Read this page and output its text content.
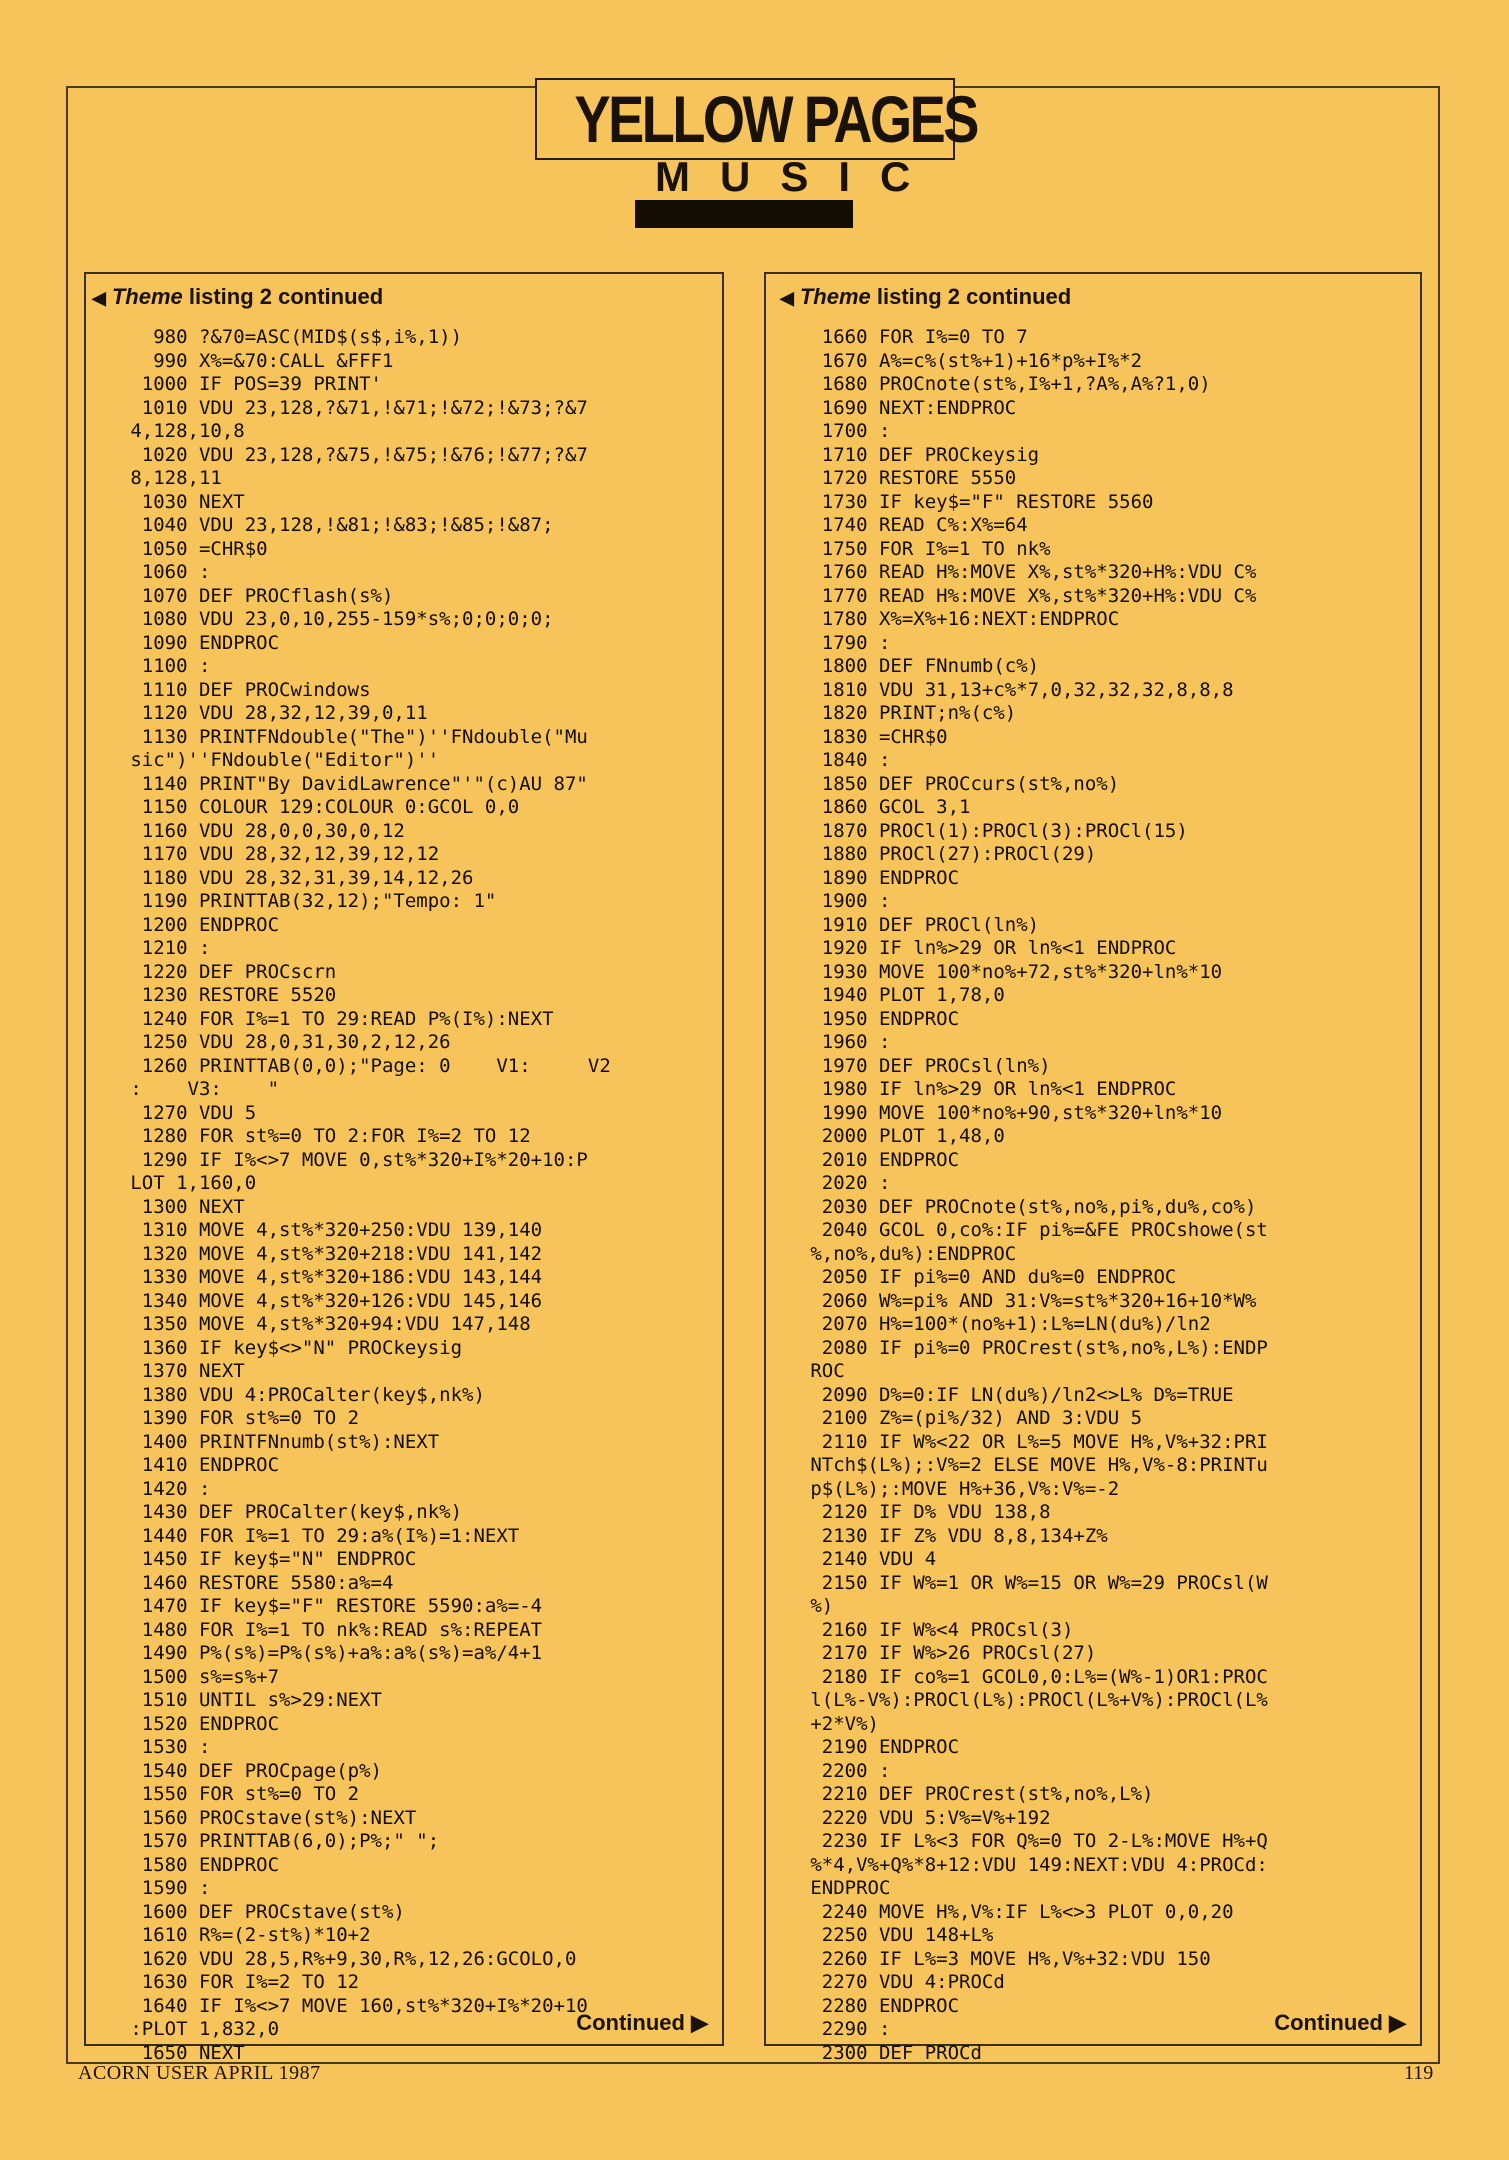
YELLOW PAGES
MUSIC
◀ Theme listing 2 continued
980 ?&70=ASC(MID$(s$,i%,1))
990 X%=&70:CALL &FFF1
1000 IF POS=39 PRINT'
1010 VDU 23,128,?&71,!&71;!&72;!&73;?&7
4,128,10,8
1020 VDU 23,128,?&75,!&75;!&76;!&77;?&7
8,128,11
1030 NEXT
1040 VDU 23,128,!&81;!&83;!&85;!&87;
1050 =CHR$0
1060 :
1070 DEF PROCflash(s%)
1080 VDU 23,0,10,255-159*s%;0;0;0;0;
1090 ENDPROC
1100 :
1110 DEF PROCwindows
1120 VDU 28,32,12,39,0,11
1130 PRINTFNdouble("The")''FNdouble("Mu
sic")''FNdouble("Editor")''
1140 PRINT"By DavidLawrence"'"(c)AU 87"
1150 COLOUR 129:COLOUR 0:GCOL 0,0
1160 VDU 28,0,0,30,0,12
1170 VDU 28,32,12,39,12,12
1180 VDU 28,32,31,39,14,12,26
1190 PRINTTAB(32,12);"Tempo: 1"
1200 ENDPROC
1210 :
1220 DEF PROCscrn
1230 RESTORE 5520
1240 FOR I%=1 TO 29:READ P%(I%):NEXT
1250 VDU 28,0,31,30,2,12,26
1260 PRINTTAB(0,0);"Page: 0    V1:     V2
:    V3:    "
1270 VDU 5
1280 FOR st%=0 TO 2:FOR I%=2 TO 12
1290 IF I%<>7 MOVE 0,st%*320+I%*20+10:P
LOT 1,160,0
1300 NEXT
1310 MOVE 4,st%*320+250:VDU 139,140
1320 MOVE 4,st%*320+218:VDU 141,142
1330 MOVE 4,st%*320+186:VDU 143,144
1340 MOVE 4,st%*320+126:VDU 145,146
1350 MOVE 4,st%*320+94:VDU 147,148
1360 IF key$<>"N" PROCkeysig
1370 NEXT
1380 VDU 4:PROCalter(key$,nk%)
1390 FOR st%=0 TO 2
1400 PRINTFNnumb(st%):NEXT
1410 ENDPROC
1420 :
1430 DEF PROCalter(key$,nk%)
1440 FOR I%=1 TO 29:a%(I%)=1:NEXT
1450 IF key$="N" ENDPROC
1460 RESTORE 5580:a%=4
1470 IF key$="F" RESTORE 5590:a%=-4
1480 FOR I%=1 TO nk%:READ s%:REPEAT
1490 P%(s%)=P%(s%)+a%:a%(s%)=a%/4+1
1500 s%=s%+7
1510 UNTIL s%>29:NEXT
1520 ENDPROC
1530 :
1540 DEF PROCpage(p%)
1550 FOR st%=0 TO 2
1560 PROCstave(st%):NEXT
1570 PRINTTAB(6,0);P%;" ";
1580 ENDPROC
1590 :
1600 DEF PROCstave(st%)
1610 R%=(2-st%)*10+2
1620 VDU 28,5,R%+9,30,R%,12,26:GCOLO,0
1630 FOR I%=2 TO 12
1640 IF I%<>7 MOVE 160,st%*320+I%*20+10
:PLOT 1,832,0
1650 NEXT
Continued ▶
◀ Theme listing 2 continued
1660 FOR I%=0 TO 7
1670 A%=c%(st%+1)+16*p%+I%*2
1680 PROCnote(st%,I%+1,?A%,A%?1,0)
1690 NEXT:ENDPROC
1700 :
1710 DEF PROCkeysig
1720 RESTORE 5550
1730 IF key$="F" RESTORE 5560
1740 READ C%:X%=64
1750 FOR I%=1 TO nk%
1760 READ H%:MOVE X%,st%*320+H%:VDU C%
1770 READ H%:MOVE X%,st%*320+H%:VDU C%
1780 X%=X%+16:NEXT:ENDPROC
1790 :
1800 DEF FNnumb(c%)
1810 VDU 31,13+c%*7,0,32,32,32,8,8,8
1820 PRINT;n%(c%)
1830 =CHR$0
1840 :
1850 DEF PROCcurs(st%,no%)
1860 GCOL 3,1
1870 PROCl(1):PROCl(3):PROCl(15)
1880 PROCl(27):PROCl(29)
1890 ENDPROC
1900 :
1910 DEF PROCl(ln%)
1920 IF ln%>29 OR ln%<1 ENDPROC
1930 MOVE 100*no%+72,st%*320+ln%*10
1940 PLOT 1,78,0
1950 ENDPROC
1960 :
1970 DEF PROCsl(ln%)
1980 IF ln%>29 OR ln%<1 ENDPROC
1990 MOVE 100*no%+90,st%*320+ln%*10
2000 PLOT 1,48,0
2010 ENDPROC
2020 :
2030 DEF PROCnote(st%,no%,pi%,du%,co%)
2040 GCOL 0,co%:IF pi%=&FE PROCshowe(st
%,no%,du%):ENDPROC
2050 IF pi%=0 AND du%=0 ENDPROC
2060 W%=pi% AND 31:V%=st%*320+16+10*W%
2070 H%=100*(no%+1):L%=LN(du%)/ln2
2080 IF pi%=0 PROCrest(st%,no%,L%):ENDP
ROC
2090 D%=0:IF LN(du%)/ln2<>L% D%=TRUE
2100 Z%=(pi%/32) AND 3:VDU 5
2110 IF W%<22 OR L%=5 MOVE H%,V%+32:PRI
NTch$(L%);:V%=2 ELSE MOVE H%,V%-8:PRINTu
p$(L%);:MOVE H%+36,V%:V%=-2
2120 IF D% VDU 138,8
2130 IF Z% VDU 8,8,134+Z%
2140 VDU 4
2150 IF W%=1 OR W%=15 OR W%=29 PROCsl(W
%)
2160 IF W%<4 PROCsl(3)
2170 IF W%>26 PROCsl(27)
2180 IF co%=1 GCOL0,0:L%=(W%-1)OR1:PROC
l(L%-V%):PROCl(L%):PROCl(L%+V%):PROCl(L%
+2*V%)
2190 ENDPROC
2200 :
2210 DEF PROCrest(st%,no%,L%)
2220 VDU 5:V%=V%+192
2230 IF L%<3 FOR Q%=0 TO 2-L%:MOVE H%+Q
%*4,V%+Q%*8+12:VDU 149:NEXT:VDU 4:PROCd:
ENDPROC
2240 MOVE H%,V%:IF L%<>3 PLOT 0,0,20
2250 VDU 148+L%
2260 IF L%=3 MOVE H%,V%+32:VDU 150
2270 VDU 4:PROCd
2280 ENDPROC
2290 :
2300 DEF PROCd
Continued ▶
ACORN USER APRIL 1987	119
